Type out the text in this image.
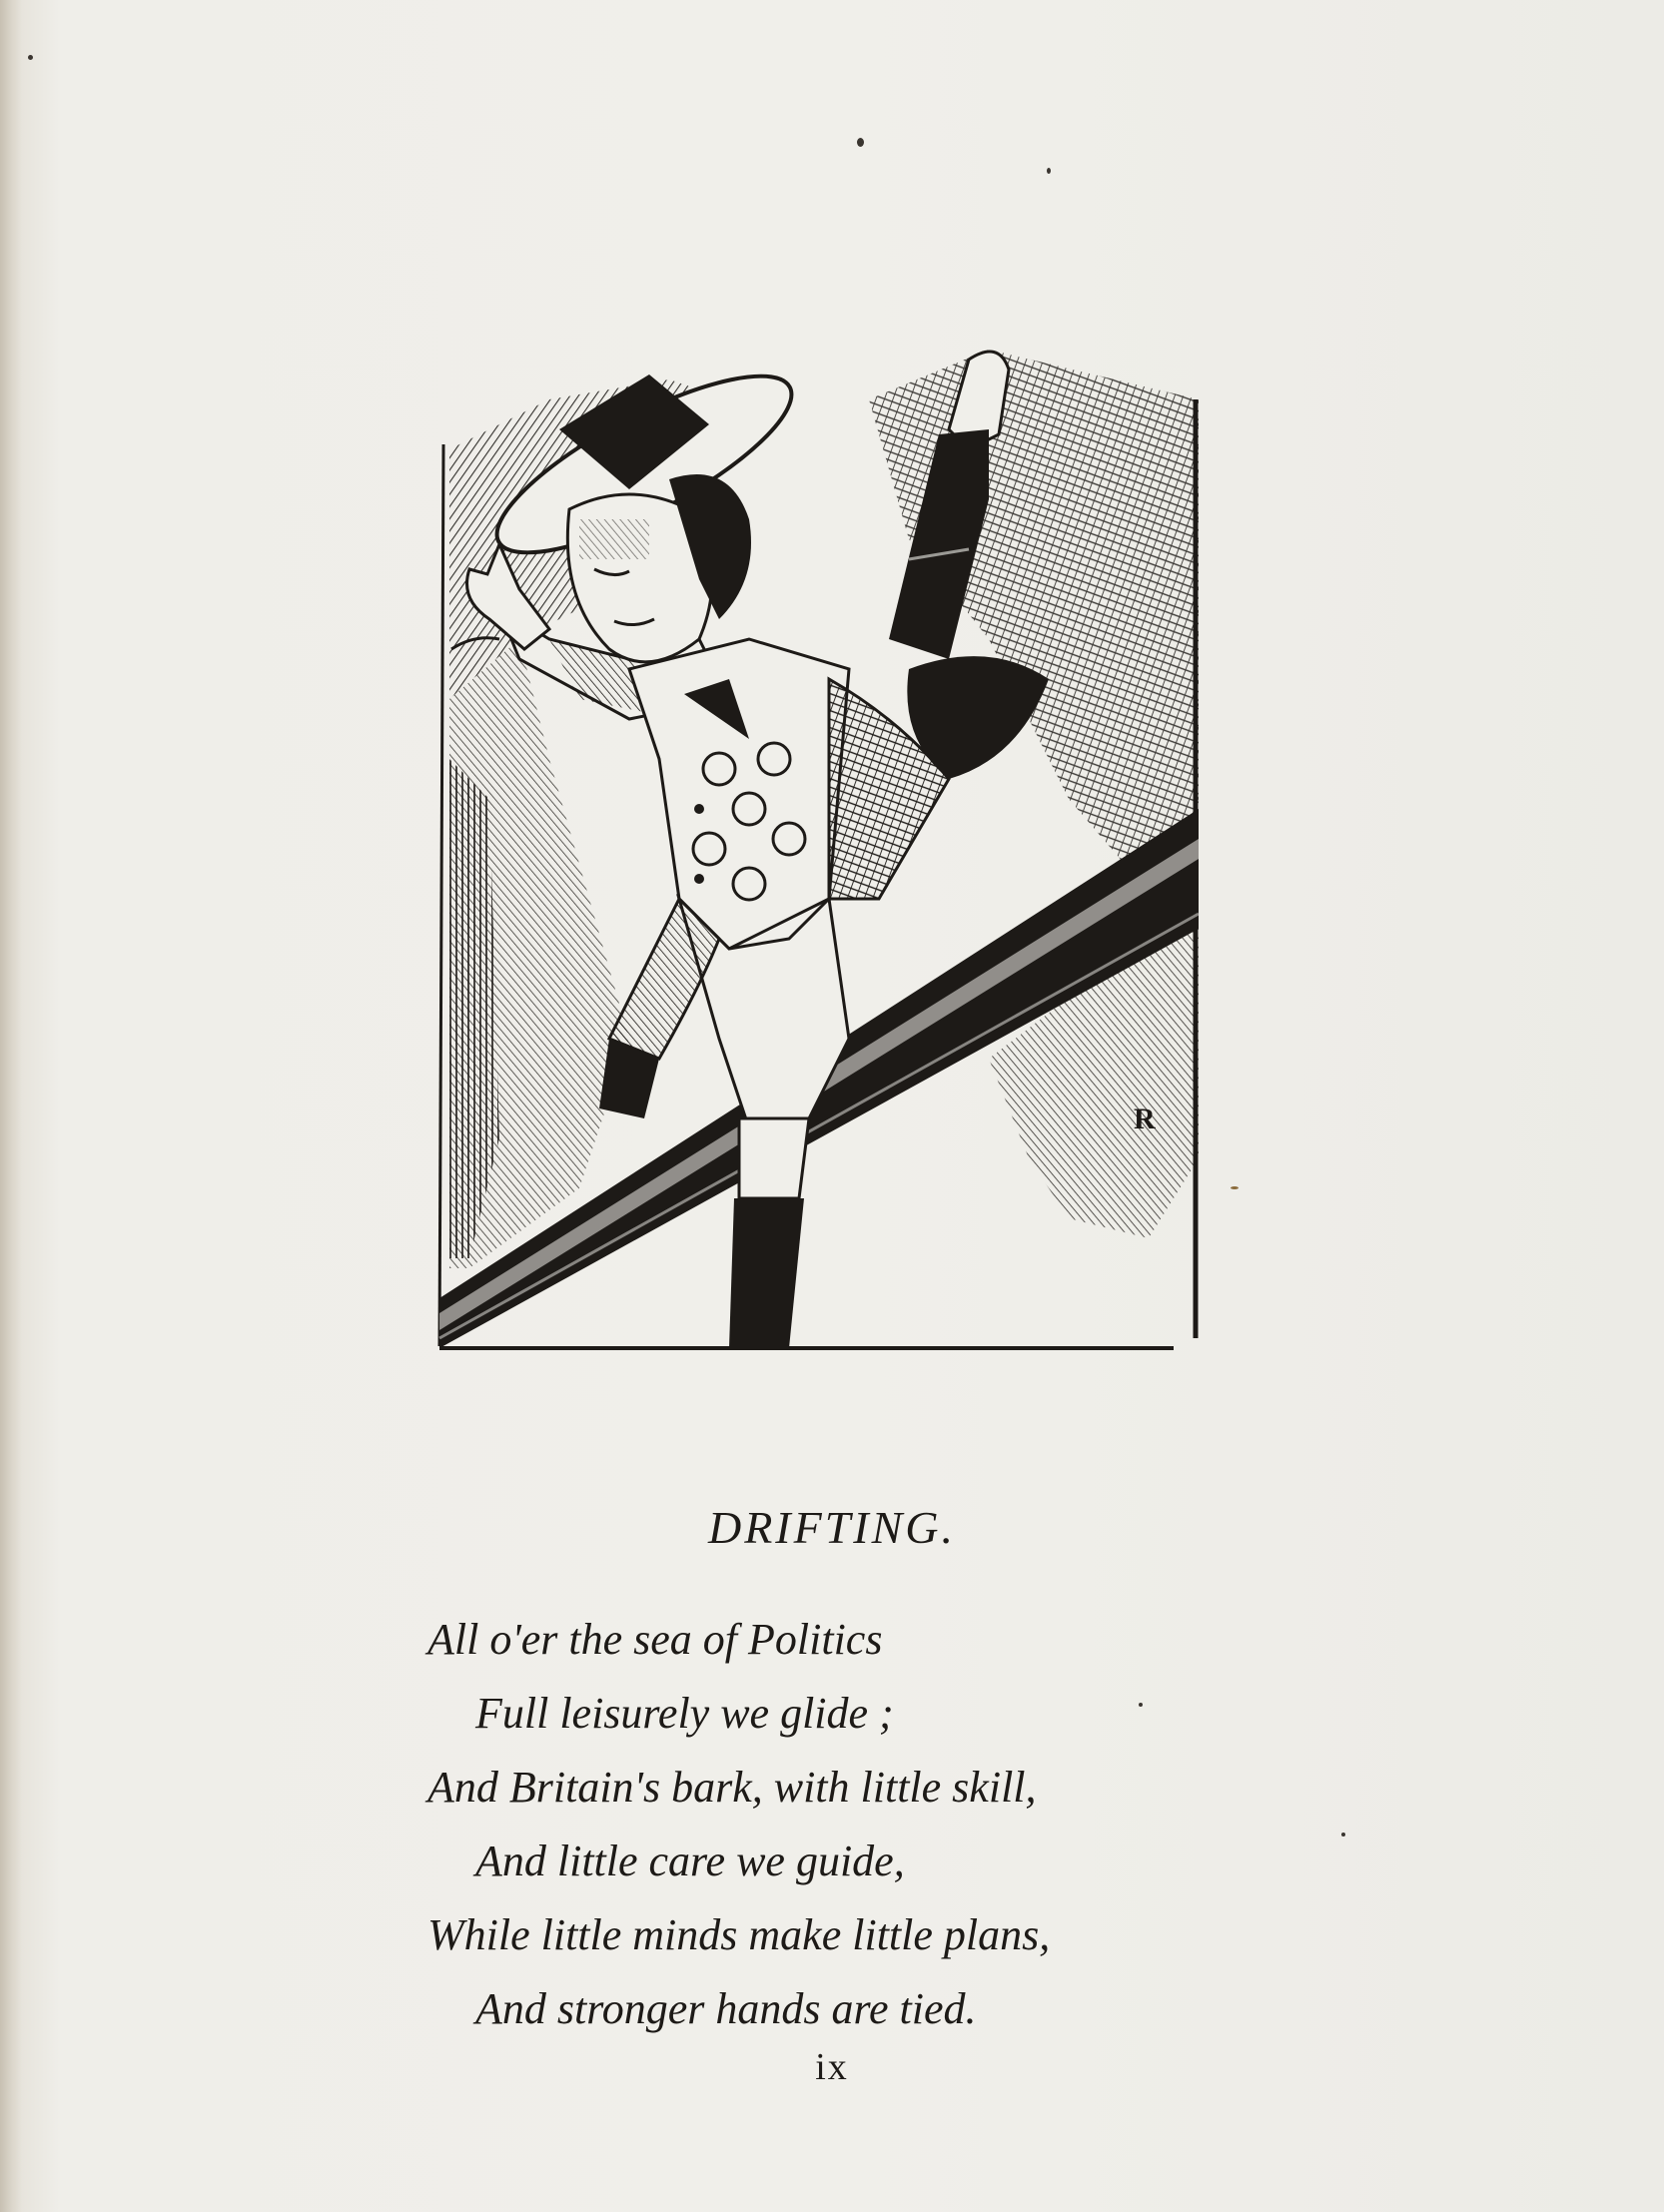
R
DRIFTING.
All o'er the sea of Politics
Full leisurely we glide ;
And Britain's bark, with little skill,
And little care we guide,
While little minds make little plans,
And stronger hands are tied.
ix
